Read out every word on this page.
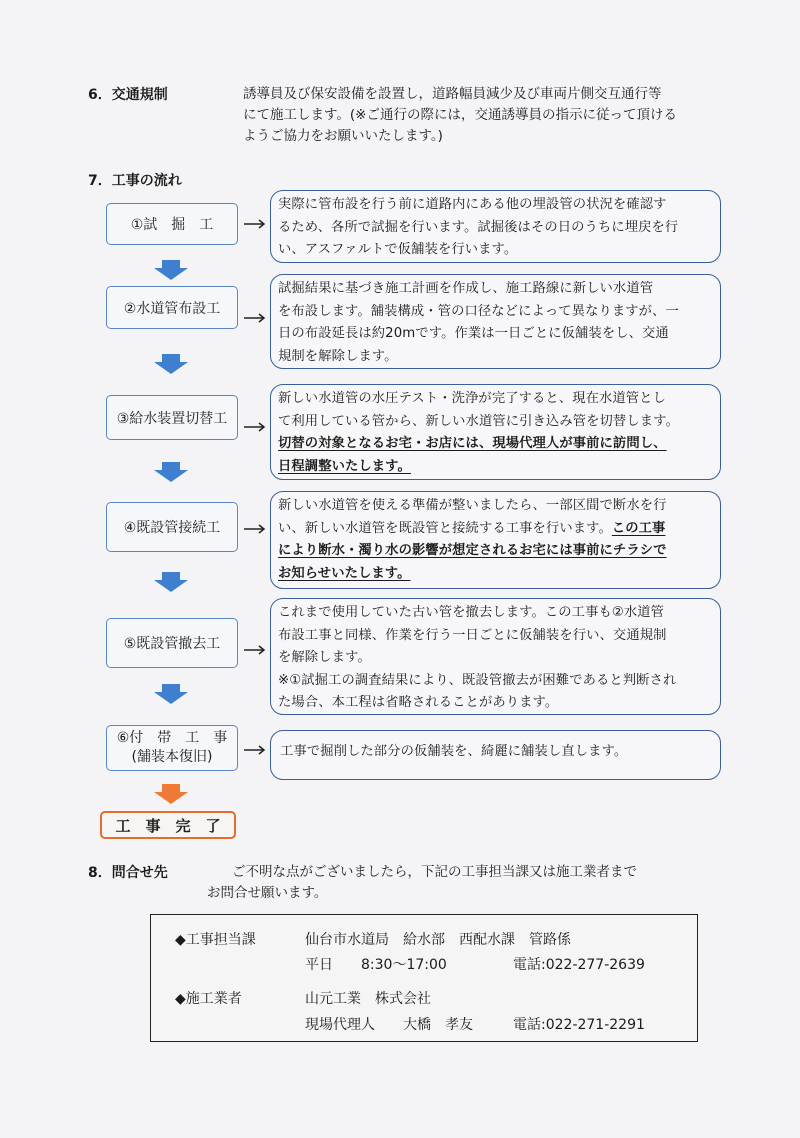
6．交通規制	誘導員及び保安設備を設置し，道路幅員減少及び車両片側交互通行等
にて施工します。(※ご通行の際には，交通誘導員の指示に従って頂ける
ようご協力をお願いいたします。)
7．工事の流れ
①試　掘　工
実際に管布設を行う前に道路内にある他の埋設管の状況を確認す
るため、各所で試掘を行います。試掘後はその日のうちに埋戻を行
い、アスファルトで仮舗装を行います。
②水道管布設工
試掘結果に基づき施工計画を作成し、施工路線に新しい水道管
を布設します。舗装構成・管の口径などによって異なりますが、一
日の布設延長は約20mです。作業は一日ごとに仮舗装をし、交通
規制を解除します。
③給水装置切替工
新しい水道管の水圧テスト・洗浄が完了すると、現在水道管とし
て利用している管から、新しい水道管に引き込み管を切替します。
切替の対象となるお宅・お店には、現場代理人が事前に訪問し、
日程調整いたします。
④既設管接続工
新しい水道管を使える準備が整いましたら、一部区間で断水を行
い、新しい水道管を既設管と接続する工事を行います。この工事
により断水・濁り水の影響が想定されるお宅には事前にチラシで
お知らせいたします。
⑤既設管撤去工
これまで使用していた古い管を撤去します。この工事も②水道管
布設工事と同様、作業を行う一日ごとに仮舗装を行い、交通規制
を解除します。
※①試掘工の調査結果により、既設管撤去が困難であると判断され
た場合、本工程は省略されることがあります。
⑥付　帯　工　事
(舗装本復旧)	工事で掘削した部分の仮舗装を、綺麗に舗装し直します。
工　事　完　了
8．問合せ先	ご不明な点がございましたら，下記の工事担当課又は施工業者まで
お問合せ願います。
◆工事担当課	仙台市水道局　給水部　西配水課　管路係
平日　　8:30～17:00	電話:022-277-2639
◆施工業者	山元工業　株式会社
現場代理人　　大橋　孝友	電話:022-271-2291
